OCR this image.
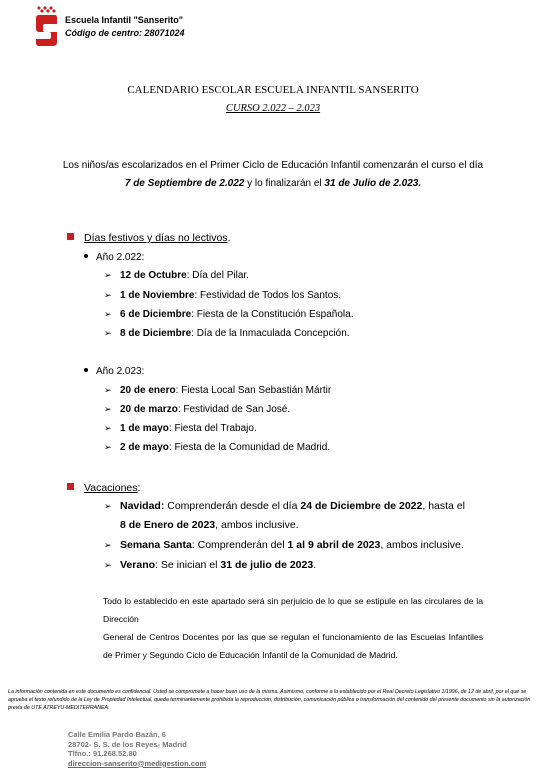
Escuela Infantil "Sanserito"
Código de centro: 28071024
CALENDARIO ESCOLAR ESCUELA INFANTIL SANSERITO
CURSO 2.022 – 2.023
Los niños/as escolarizados en el Primer Ciclo de Educación Infantil comenzarán el curso el día 7 de Septiembre de 2.022 y lo finalizarán el 31 de Julio de 2.023.
Días festivos y días no lectivos.
Año 2.022:
➢ 12 de Octubre: Día del Pilar.
➢ 1 de Noviembre: Festividad de Todos los Santos.
➢ 6 de Diciembre: Fiesta de la Constitución Española.
➢ 8 de Diciembre: Día de la Inmaculada Concepción.
Año 2.023:
➢ 20 de enero: Fiesta Local San Sebastián Mártir
➢ 20 de marzo: Festividad de San José.
➢ 1 de mayo: Fiesta del Trabajo.
➢ 2 de mayo: Fiesta de la Comunidad de Madrid.
Vacaciones:
➢ Navidad: Comprenderán desde el día 24 de Diciembre de 2022, hasta el
8 de Enero de 2023, ambos inclusive.
➢ Semana Santa: Comprenderán del 1 al 9 abril de 2023, ambos inclusive.
➢ Verano: Se inician el 31 de julio de 2023.
Todo lo establecido en este apartado será sin perjuicio de lo que se estipule en las circulares de la Dirección
General de Centros Docentes por las que se regulan el funcionamiento de las Escuelas Infantiles de Primer y Segundo Ciclo de Educación Infantil de la Comunidad de Madrid.
La información contenida en este documento es confidencial. Usted se compromete a hacer buen uso de la misma. Asimismo, conforme a lo establecido por el Real Decreto Legislativo 1/1996, de 12 de abril, por el que se aprueba el texto refundido de la Ley de Propiedad Intelectual, queda terminantemente prohibida la reproducción, distribución, comunicación pública o transformación del contenido del presente documento sin la autorización previa de UTE ATREYU-MEDITERRANEA.
Calle Emilia Pardo Bazán, 6
28702- S. S. de los Reyes- Madrid
Tlfno.: 91.268.52.80
direccion-sanserito@medigestion.com
